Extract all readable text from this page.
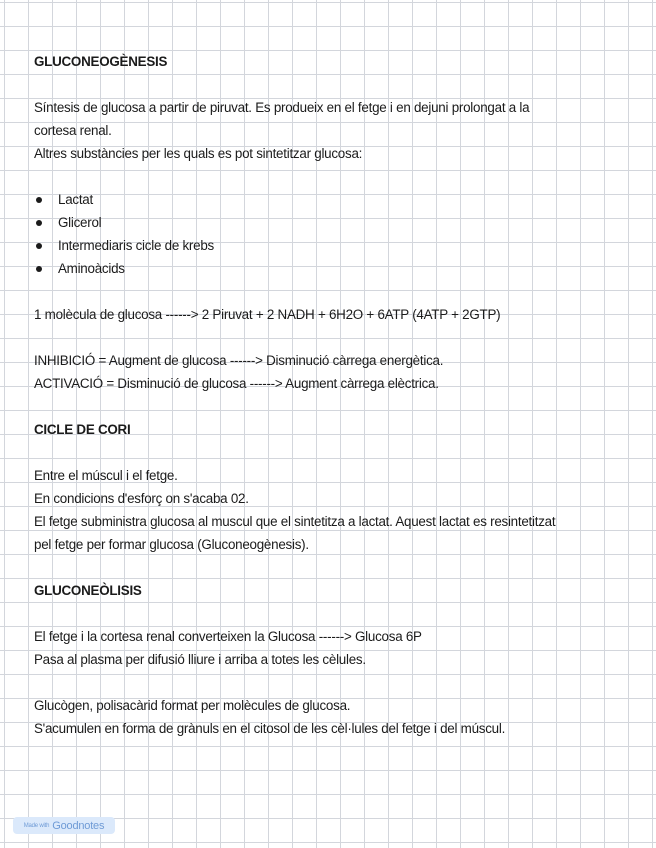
GLUCONEOGÈNESIS
Síntesis de glucosa a partir de piruvat. Es produeix en el fetge i en dejuni prolongat a la
cortesa renal.
Altres substàncies per les quals es pot sintetitzar glucosa:
Lactat
Glicerol
Intermediaris cicle de krebs
Aminoàcids
1 molècula de glucosa ------> 2 Piruvat + 2 NADH + 6H2O + 6ATP (4ATP + 2GTP)
INHIBICIÓ = Augment de glucosa ------> Disminució càrrega energètica.
ACTIVACIÓ = Disminució de glucosa ------> Augment càrrega elèctrica.
CICLE DE CORI
Entre el múscul i el fetge.
En condicions d'esforç on s'acaba 02.
El fetge subministra glucosa al muscul que el sintetitza a lactat. Aquest lactat es resintetitzat
pel fetge per formar glucosa (Gluconeogènesis).
GLUCONEÒLISIS
El fetge i la cortesa renal converteixen la Glucosa ------> Glucosa 6P
Pasa al plasma per difusió lliure i arriba a totes les cèlules.
Glucògen, polisacàrid format per molècules de glucosa.
S'acumulen en forma de grànuls en el citosol de les cèl·lules del fetge i del múscul.
Made with Goodnotes
